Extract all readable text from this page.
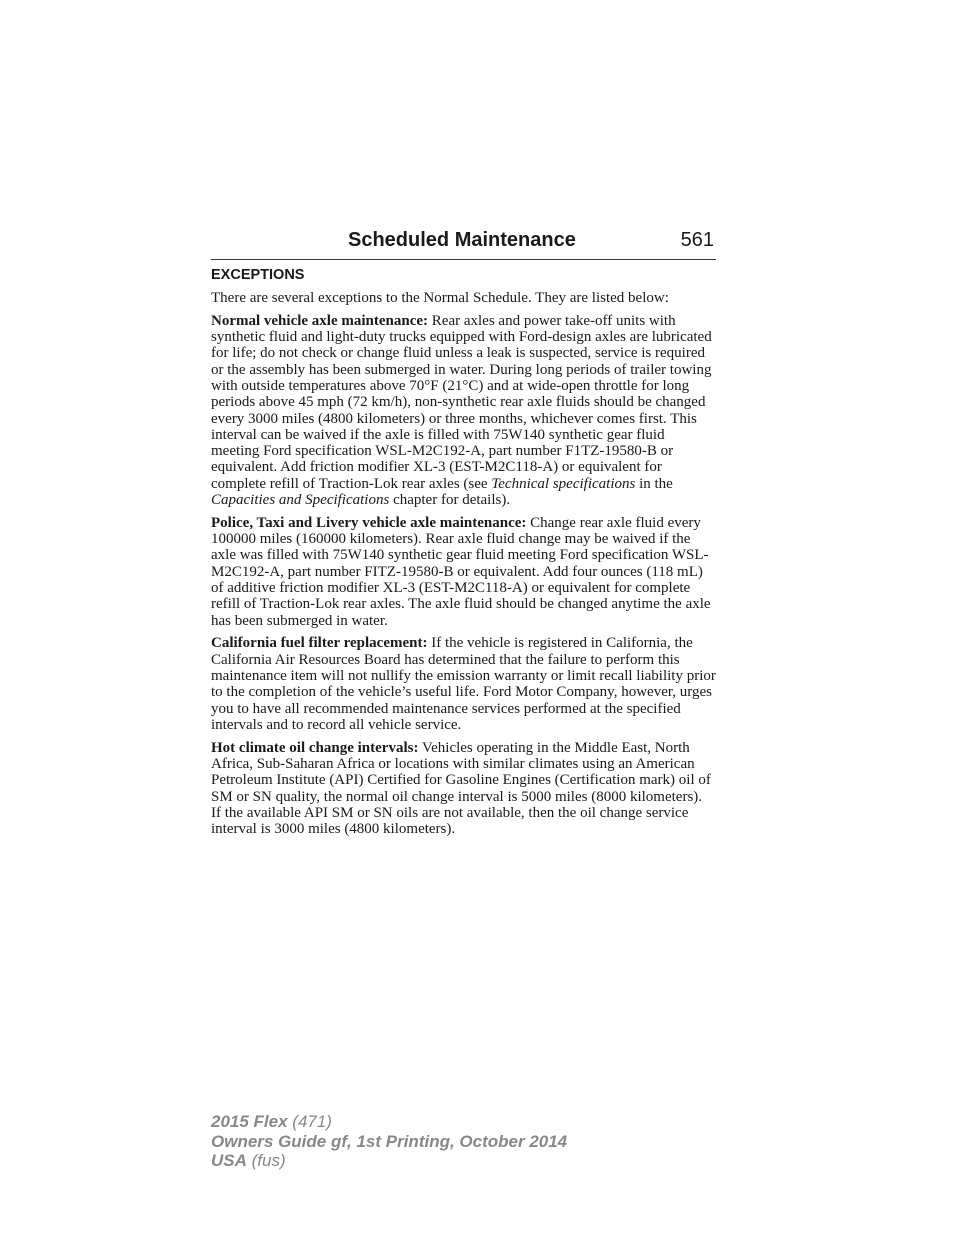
Scheduled Maintenance	561
EXCEPTIONS

There are several exceptions to the Normal Schedule. They are listed below:

Normal vehicle axle maintenance: Rear axles and power take-off units with synthetic fluid and light-duty trucks equipped with Ford-design axles are lubricated for life; do not check or change fluid unless a leak is suspected, service is required or the assembly has been submerged in water. During long periods of trailer towing with outside temperatures above 70°F (21°C) and at wide-open throttle for long periods above 45 mph (72 km/h), non-synthetic rear axle fluids should be changed every 3000 miles (4800 kilometers) or three months, whichever comes first. This interval can be waived if the axle is filled with 75W140 synthetic gear fluid meeting Ford specification WSL-M2C192-A, part number F1TZ-19580-B or equivalent. Add friction modifier XL-3 (EST-M2C118-A) or equivalent for complete refill of Traction-Lok rear axles (see Technical specifications in the Capacities and Specifications chapter for details).

Police, Taxi and Livery vehicle axle maintenance: Change rear axle fluid every 100000 miles (160000 kilometers). Rear axle fluid change may be waived if the axle was filled with 75W140 synthetic gear fluid meeting Ford specification WSL-M2C192-A, part number FITZ-19580-B or equivalent. Add four ounces (118 mL) of additive friction modifier XL-3 (EST-M2C118-A) or equivalent for complete refill of Traction-Lok rear axles. The axle fluid should be changed anytime the axle has been submerged in water.

California fuel filter replacement: If the vehicle is registered in California, the California Air Resources Board has determined that the failure to perform this maintenance item will not nullify the emission warranty or limit recall liability prior to the completion of the vehicle’s useful life. Ford Motor Company, however, urges you to have all recommended maintenance services performed at the specified intervals and to record all vehicle service.

Hot climate oil change intervals: Vehicles operating in the Middle East, North Africa, Sub-Saharan Africa or locations with similar climates using an American Petroleum Institute (API) Certified for Gasoline Engines (Certification mark) oil of SM or SN quality, the normal oil change interval is 5000 miles (8000 kilometers).

If the available API SM or SN oils are not available, then the oil change service interval is 3000 miles (4800 kilometers).

2015 Flex (471)
Owners Guide gf, 1st Printing, October 2014
USA (fus)
